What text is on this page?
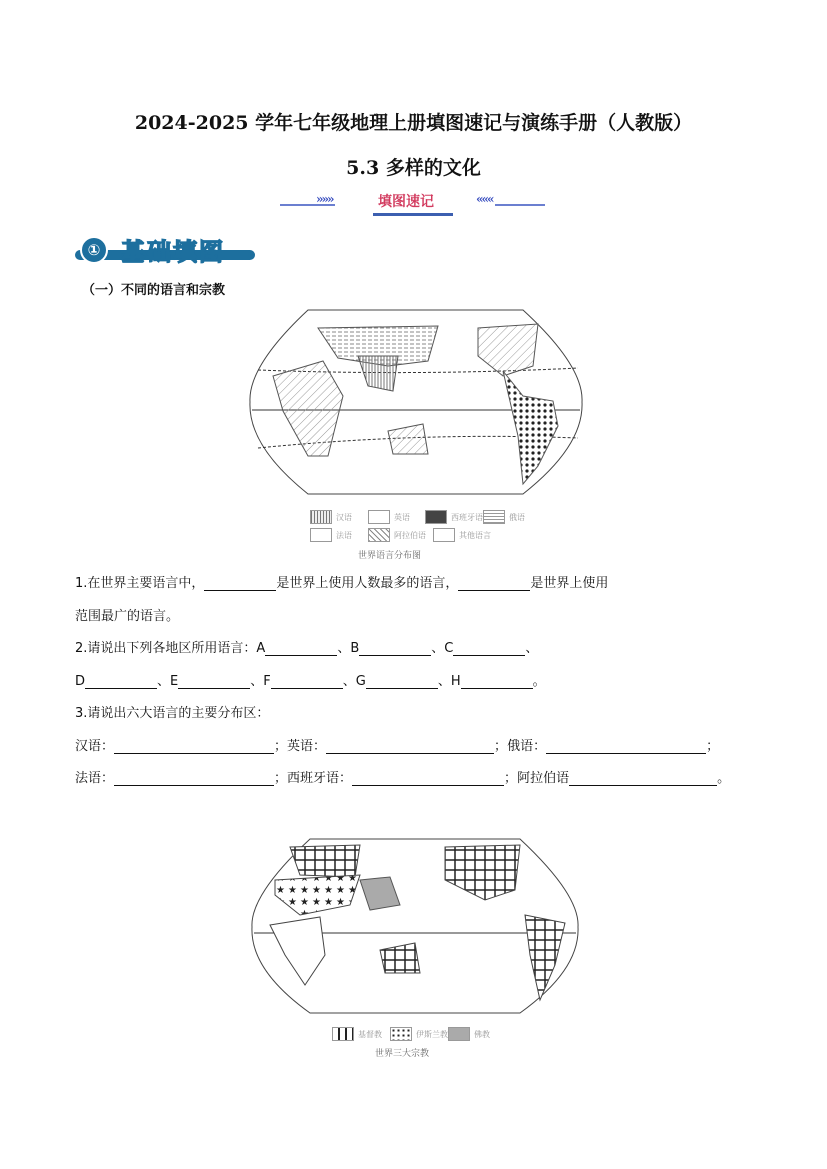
2024-2025 学年七年级地理上册填图速记与演练手册（人教版）
5.3 多样的文化
»»»	填图速记	«««
① 基础填图
（一）不同的语言和宗教
汉语	英语	西班牙语	俄语
法语	阿拉伯语	其他语言
世界语言分布图
1.在世界主要语言中，	是世界上使用人数最多的语言，	是世界上使用
范围最广的语言。
2.请说出下列各地区所用语言：A	、B	、C	、
D	、E	、F	、G	、H	。
3.请说出六大语言的主要分布区：
汉语：	；英语：	；俄语：	；
法语：	；西班牙语：	；阿拉伯语	。
基督教	伊斯兰教	佛教
世界三大宗教
